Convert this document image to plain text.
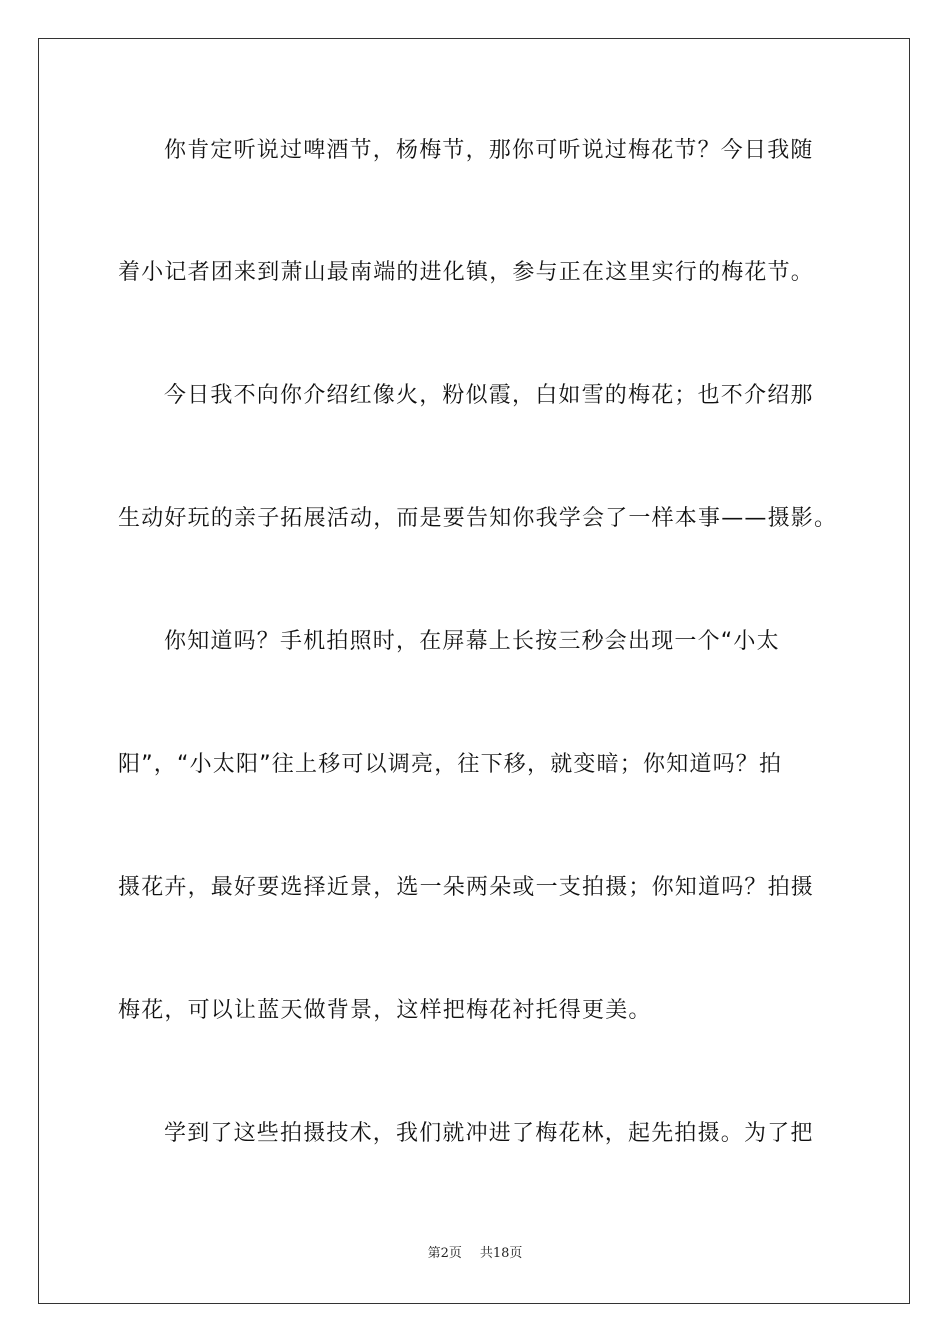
你肯定听说过啤酒节，杨梅节，那你可听说过梅花节？今日我随
着小记者团来到萧山最南端的进化镇，参与正在这里实行的梅花节。
今日我不向你介绍红像火，粉似霞，白如雪的梅花；也不介绍那
生动好玩的亲子拓展活动，而是要告知你我学会了一样本事——摄影。
你知道吗？手机拍照时，在屏幕上长按三秒会出现一个“小太
阳”，“小太阳”往上移可以调亮，往下移，就变暗；你知道吗？拍
摄花卉，最好要选择近景，选一朵两朵或一支拍摄；你知道吗？拍摄
梅花，可以让蓝天做背景，这样把梅花衬托得更美。
学到了这些拍摄技术，我们就冲进了梅花林，起先拍摄。为了把
第2页 共18页
